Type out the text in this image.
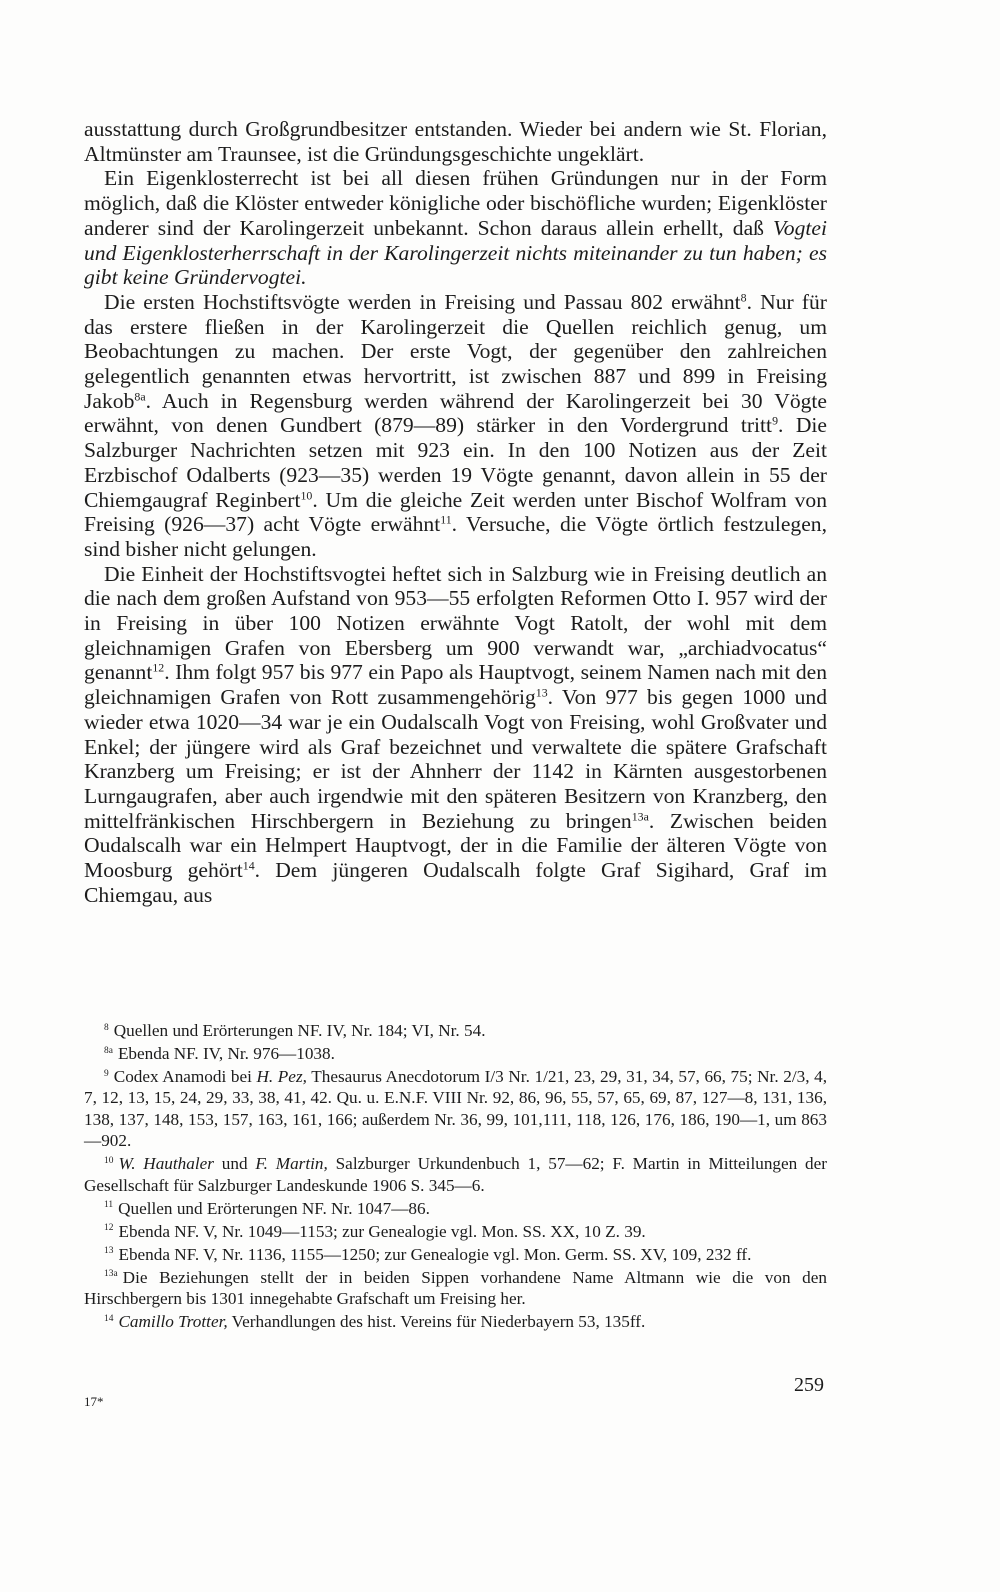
ausstattung durch Großgrundbesitzer entstanden. Wieder bei andern wie St. Florian, Altmünster am Traunsee, ist die Gründungsgeschichte ungeklärt.

Ein Eigenklosterrecht ist bei all diesen frühen Gründungen nur in der Form möglich, daß die Klöster entweder königliche oder bischöfliche wurden; Eigenklöster anderer sind der Karolingerzeit unbekannt. Schon daraus allein erhellt, daß Vogtei und Eigenklosterherrschaft in der Karolingerzeit nichts miteinander zu tun haben; es gibt keine Gründervogtei.

Die ersten Hochstiftsvögte werden in Freising und Passau 802 erwähnt$^8$. Nur für das erstere fließen in der Karolingerzeit die Quellen reichlich genug, um Beobachtungen zu machen. Der erste Vogt, der gegenüber den zahlreichen gelegentlich genannten etwas hervortritt, ist zwischen 887 und 899 in Freising Jakob$^{8a}$. Auch in Regensburg werden während der Karolingerzeit bei 30 Vögte erwähnt, von denen Gundbert (879—89) stärker in den Vordergrund tritt$^9$. Die Salzburger Nachrichten setzen mit 923 ein. In den 100 Notizen aus der Zeit Erzbischof Odalberts (923—35) werden 19 Vögte genannt, davon allein in 55 der Chiemgaugraf Reginbert$^{10}$. Um die gleiche Zeit werden unter Bischof Wolfram von Freising (926—37) acht Vögte erwähnt$^{11}$. Versuche, die Vögte örtlich festzulegen, sind bisher nicht gelungen.

Die Einheit der Hochstiftsvogtei heftet sich in Salzburg wie in Freising deutlich an die nach dem großen Aufstand von 953—55 erfolgten Reformen Otto I. 957 wird der in Freising in über 100 Notizen erwähnte Vogt Ratolt, der wohl mit dem gleichnamigen Grafen von Ebersberg um 900 verwandt war, „archiadvocatus“ genannt$^{12}$. Ihm folgt 957 bis 977 ein Papo als Hauptvogt, seinem Namen nach mit den gleichnamigen Grafen von Rott zusammengehörig$^{13}$. Von 977 bis gegen 1000 und wieder etwa 1020—34 war je ein Oudalscalh Vogt von Freising, wohl Großvater und Enkel; der jüngere wird als Graf bezeichnet und verwaltete die spätere Grafschaft Kranzberg um Freising; er ist der Ahnherr der 1142 in Kärnten ausgestorbenen Lurngaugrafen, aber auch irgendwie mit den späteren Besitzern von Kranzberg, den mittelfränkischen Hirschbergern in Beziehung zu bringen$^{13a}$. Zwischen beiden Oudalscalh war ein Helmpert Hauptvogt, der in die Familie der älteren Vögte von Moosburg gehört$^{14}$. Dem jüngeren Oudalscalh folgte Graf Sigihard, Graf im Chiemgau, aus

$^8$ Quellen und Erörterungen NF. IV, Nr. 184; VI, Nr. 54.

$^{8a}$ Ebenda NF. IV, Nr. 976—1038.

$^9$ Codex Anamodi bei H. Pez, Thesaurus Anecdotorum I/3 Nr. 1/21, 23, 29, 31, 34, 57, 66, 75; Nr. 2/3, 4, 7, 12, 13, 15, 24, 29, 33, 38, 41, 42. Qu. u. E.N.F. VIII Nr. 92, 86, 96, 55, 57, 65, 69, 87, 127—8, 131, 136, 138, 137, 148, 153, 157, 163, 161, 166; außerdem Nr. 36, 99, 101,111, 118, 126, 176, 186, 190—1, um 863—902.

$^{10}$ W. Hauthaler und F. Martin, Salzburger Urkundenbuch 1, 57—62; F. Martin in Mitteilungen der Gesellschaft für Salzburger Landeskunde 1906 S. 345—6.

$^{11}$ Quellen und Erörterungen NF. Nr. 1047—86.

$^{12}$ Ebenda NF. V, Nr. 1049—1153; zur Genealogie vgl. Mon. SS. XX, 10 Z. 39.

$^{13}$ Ebenda NF. V, Nr. 1136, 1155—1250; zur Genealogie vgl. Mon. Germ. SS. XV, 109, 232 ff.

$^{13a}$ Die Beziehungen stellt der in beiden Sippen vorhandene Name Altmann wie die von den Hirschbergern bis 1301 innegehabte Grafschaft um Freising her.

$^{14}$ Camillo Trotter, Verhandlungen des hist. Vereins für Niederbayern 53, 135ff.

259
17*
